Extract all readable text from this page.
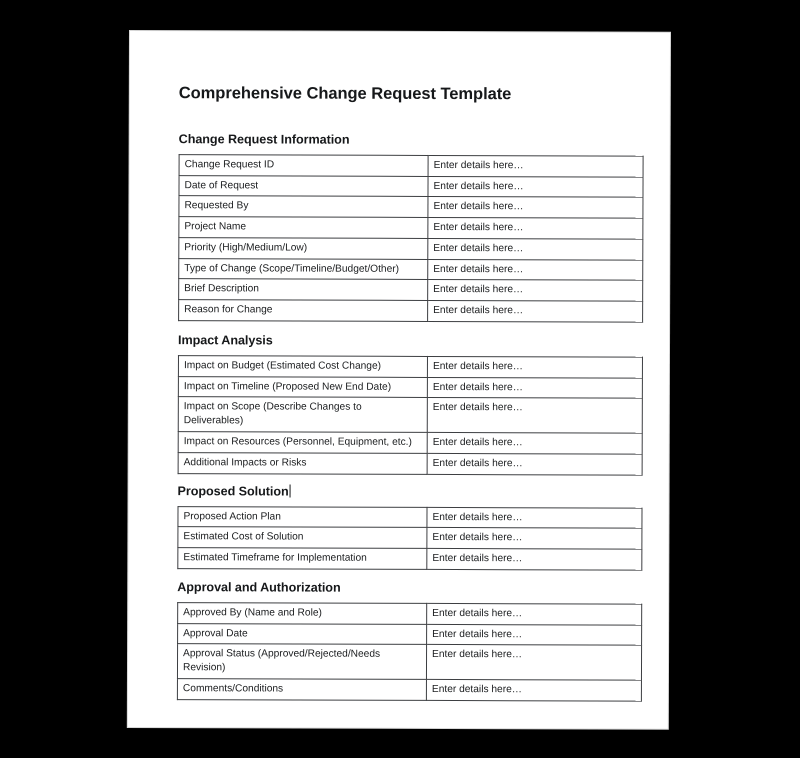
Comprehensive Change Request Template
Change Request Information
Change Request ID	Enter details here…
Date of Request	Enter details here…
Requested By	Enter details here…
Project Name	Enter details here…
Priority (High/Medium/Low)	Enter details here…
Type of Change (Scope/Timeline/Budget/Other)	Enter details here…
Brief Description	Enter details here…
Reason for Change	Enter details here…
Impact Analysis
Impact on Budget (Estimated Cost Change)	Enter details here…
Impact on Timeline (Proposed New End Date)	Enter details here…
Impact on Scope (Describe Changes to Deliverables)	Enter details here…
Impact on Resources (Personnel, Equipment, etc.)	Enter details here…
Additional Impacts or Risks	Enter details here…
Proposed Solution
Proposed Action Plan	Enter details here…
Estimated Cost of Solution	Enter details here…
Estimated Timeframe for Implementation	Enter details here…
Approval and Authorization
Approved By (Name and Role)	Enter details here…
Approval Date	Enter details here…
Approval Status (Approved/Rejected/Needs Revision)	Enter details here…
Comments/Conditions	Enter details here…
